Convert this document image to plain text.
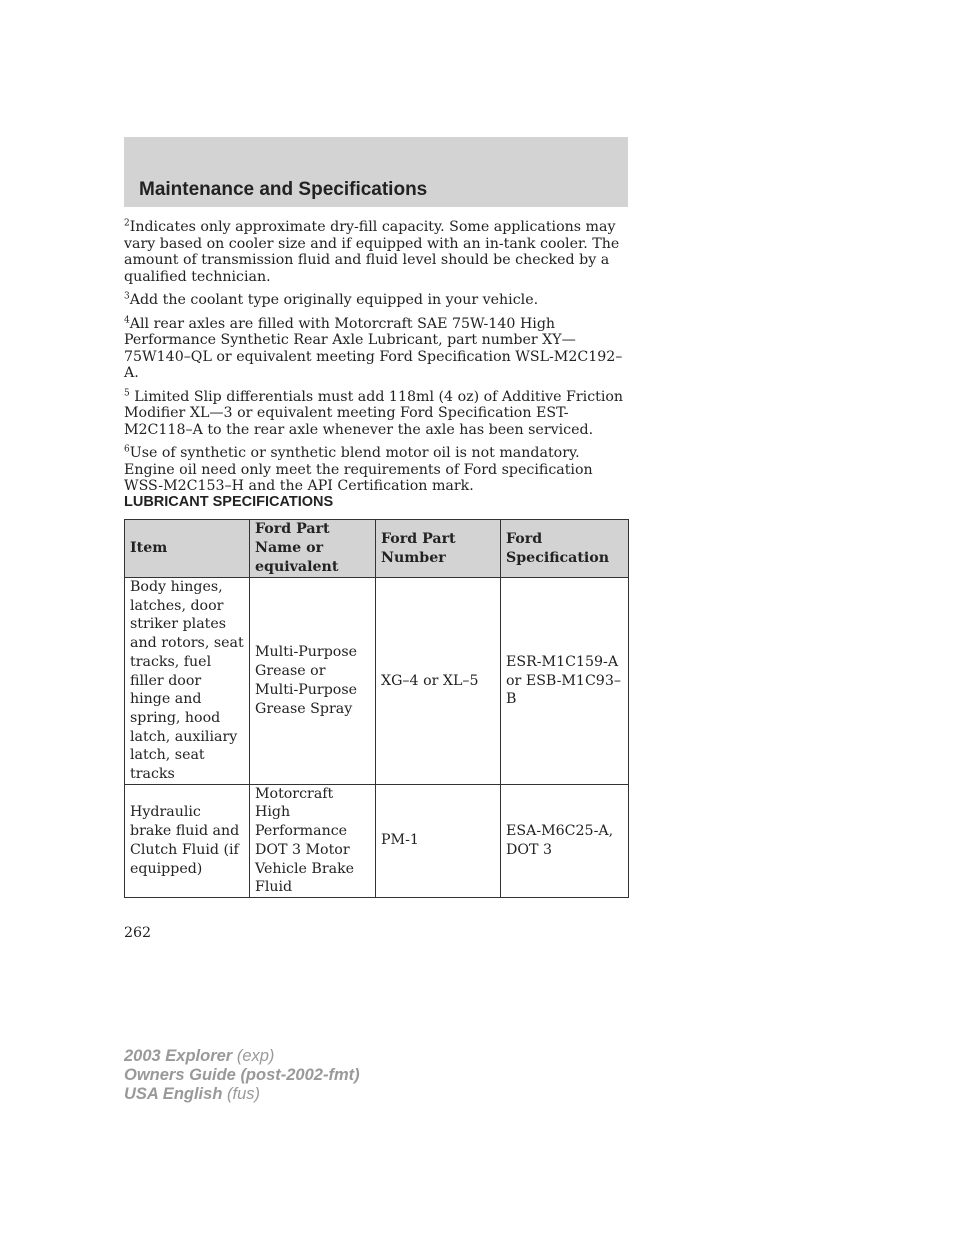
Maintenance and Specifications

$^2$Indicates only approximate dry-fill capacity. Some applications may vary based on cooler size and if equipped with an in-tank cooler. The amount of transmission fluid and fluid level should be checked by a qualified technician.

$^3$Add the coolant type originally equipped in your vehicle.

$^4$All rear axles are filled with Motorcraft SAE 75W-140 High Performance Synthetic Rear Axle Lubricant, part number XY—75W140–QL or equivalent meeting Ford Specification WSL-M2C192–A.

$^5$ Limited Slip differentials must add 118ml (4 oz) of Additive Friction Modifier XL—3 or equivalent meeting Ford Specification EST-M2C118–A to the rear axle whenever the axle has been serviced.

$^6$Use of synthetic or synthetic blend motor oil is not mandatory. Engine oil need only meet the requirements of Ford specification WSS-M2C153–H and the API Certification mark.

LUBRICANT SPECIFICATIONS
Item	Ford Part Name or equivalent	Ford Part Number	Ford Specification
Body hinges, latches, door striker plates and rotors, seat tracks, fuel filler door hinge and spring, hood latch, auxiliary latch, seat tracks	Multi-Purpose Grease or Multi-Purpose Grease Spray	XG–4 or XL–5	ESR-M1C159-A or ESB-M1C93–B
Hydraulic brake fluid and Clutch Fluid (if equipped)	Motorcraft High Performance DOT 3 Motor Vehicle Brake Fluid	PM-1	ESA-M6C25-A, DOT 3
262
2003 Explorer (exp)
Owners Guide (post-2002-fmt)
USA English (fus)
